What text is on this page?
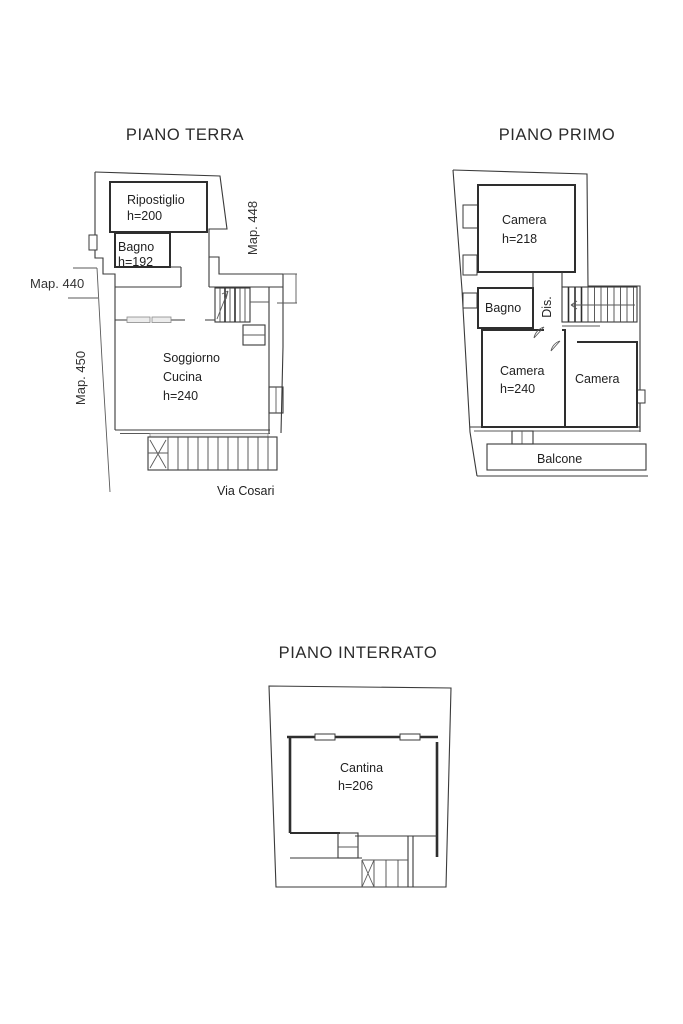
PIANO TERRA	PIANO PRIMO
PIANO INTERRATO
Ripostiglio
h=200
Bagno
h=192
Map. 448
Map. 440
Map. 450	Soggiorno
Cucina
h=240
Via Cosari
Camera
h=218
Bagno Dis.
Camera
h=240
Camera
Balcone
Cantina
h=206
